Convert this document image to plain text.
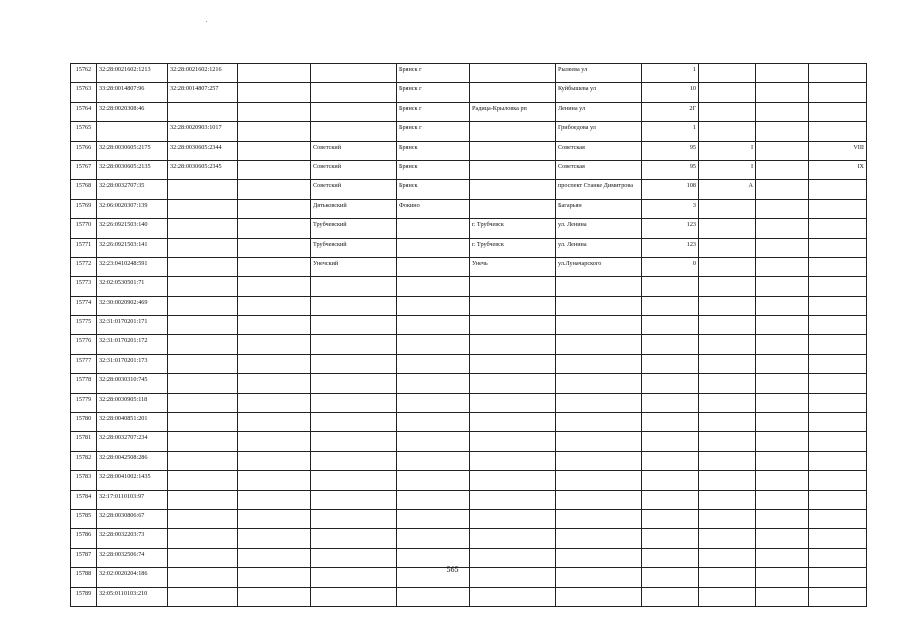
15762	32:28:0021602:1213	32:28:0021602:1216			Брянск г		Рылеева ул	1			
15763	33:28:0014807:96	32:28:0014807:257			Брянск г		Куйбышева ул	10			
15764	32:28:0020308:46				Брянск г	Радица-Крыловка рп	Ленина ул	2Г			
15765		32:28:0020903:1017			Брянск г		Грибоедова ул	1			
15766	32:28:0030605:2175	32:28:0030605:2344		Советский	Брянск		Советская	95	I		VIII
15767	32:28:0030605:2135	32:28:0030605:2345		Советский	Брянск		Советская	95	I		IX
15768	32:28:0032707:35			Советский	Брянск		проспект Станке Димитрова	108	А		
15769	32:06:0020307:139			Дятьковский	Фокино		Багарьян	3			
15770	32:26:0921503:140			Трубчевский		г. Трубчевск	ул. Ленина	123			
15771	32:26:0921503:141			Трубчевский		г. Трубчевск	ул. Ленина	123			
15772	32:23:0410248:591			Унечский		Унечь	ул.Луначарского	0			
15773	32:02:0530501:71										
15774	32:30:0020902:469										
15775	32:31:0170201:171										
15776	32:31:0170201:172										
15777	32:31:0170201:173										
15778	32:28:0030310:745										
15779	32:28:0030905:118										
15780	32:28:0040851:201										
15781	32:28:0032707:234										
15782	32:28:0042508:286										
15783	32:28:0041002:1435										
15784	32:17:0110103:97										
15785	32:28:0030806:67										
15786	32:28:0032203:73										
15787	32:28:0032506:74										
15788	32:02:0020204:186										
15789	32:05:0110103:210										
565
